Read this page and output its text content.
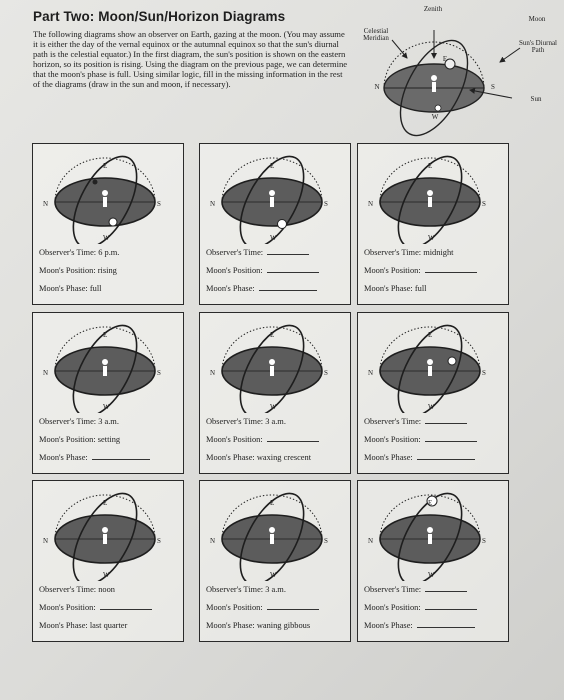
Part Two: Moon/Sun/Horizon Diagrams
The following diagrams show an observer on Earth, gazing at the moon. (You may assume it is either the day of the vernal equinox or the autumnal equinox so that the sun's diurnal path is the celestial equator.) In the first diagram, the sun's position is shown on the eastern horizon, so its position is rising. Using the diagram on the previous page, we can determine that the moon's phase is full. Using similar logic, fill in the missing information in the rest of the diagrams (draw in the sun and moon, if necessary).
Zenith
Moon
Celestial Meridian
Sun's Diurnal Path
Sun
N	S
E
W
N	S
E
W
Observer's Time: 6 p.m.
Moon's Position: rising
Moon's Phase: full
N	S
E
W
Observer's Time:
Moon's Position:
Moon's Phase:
N	S
E
W
Observer's Time: midnight
Moon's Position:
Moon's Phase: full
N	S
E
W
Observer's Time: 3 a.m.
Moon's Position: setting
Moon's Phase:
N	S
E
W
Observer's Time: 3 a.m.
Moon's Position:
Moon's Phase: waxing crescent
N	S
E
W
Observer's Time:
Moon's Position:
Moon's Phase:
N	S
E
W
Observer's Time: noon
Moon's Position:
Moon's Phase: last quarter
N	S
E
W
Observer's Time: 3 a.m.
Moon's Position:
Moon's Phase: waning gibbous
N	S
E
W
Observer's Time:
Moon's Position:
Moon's Phase:
